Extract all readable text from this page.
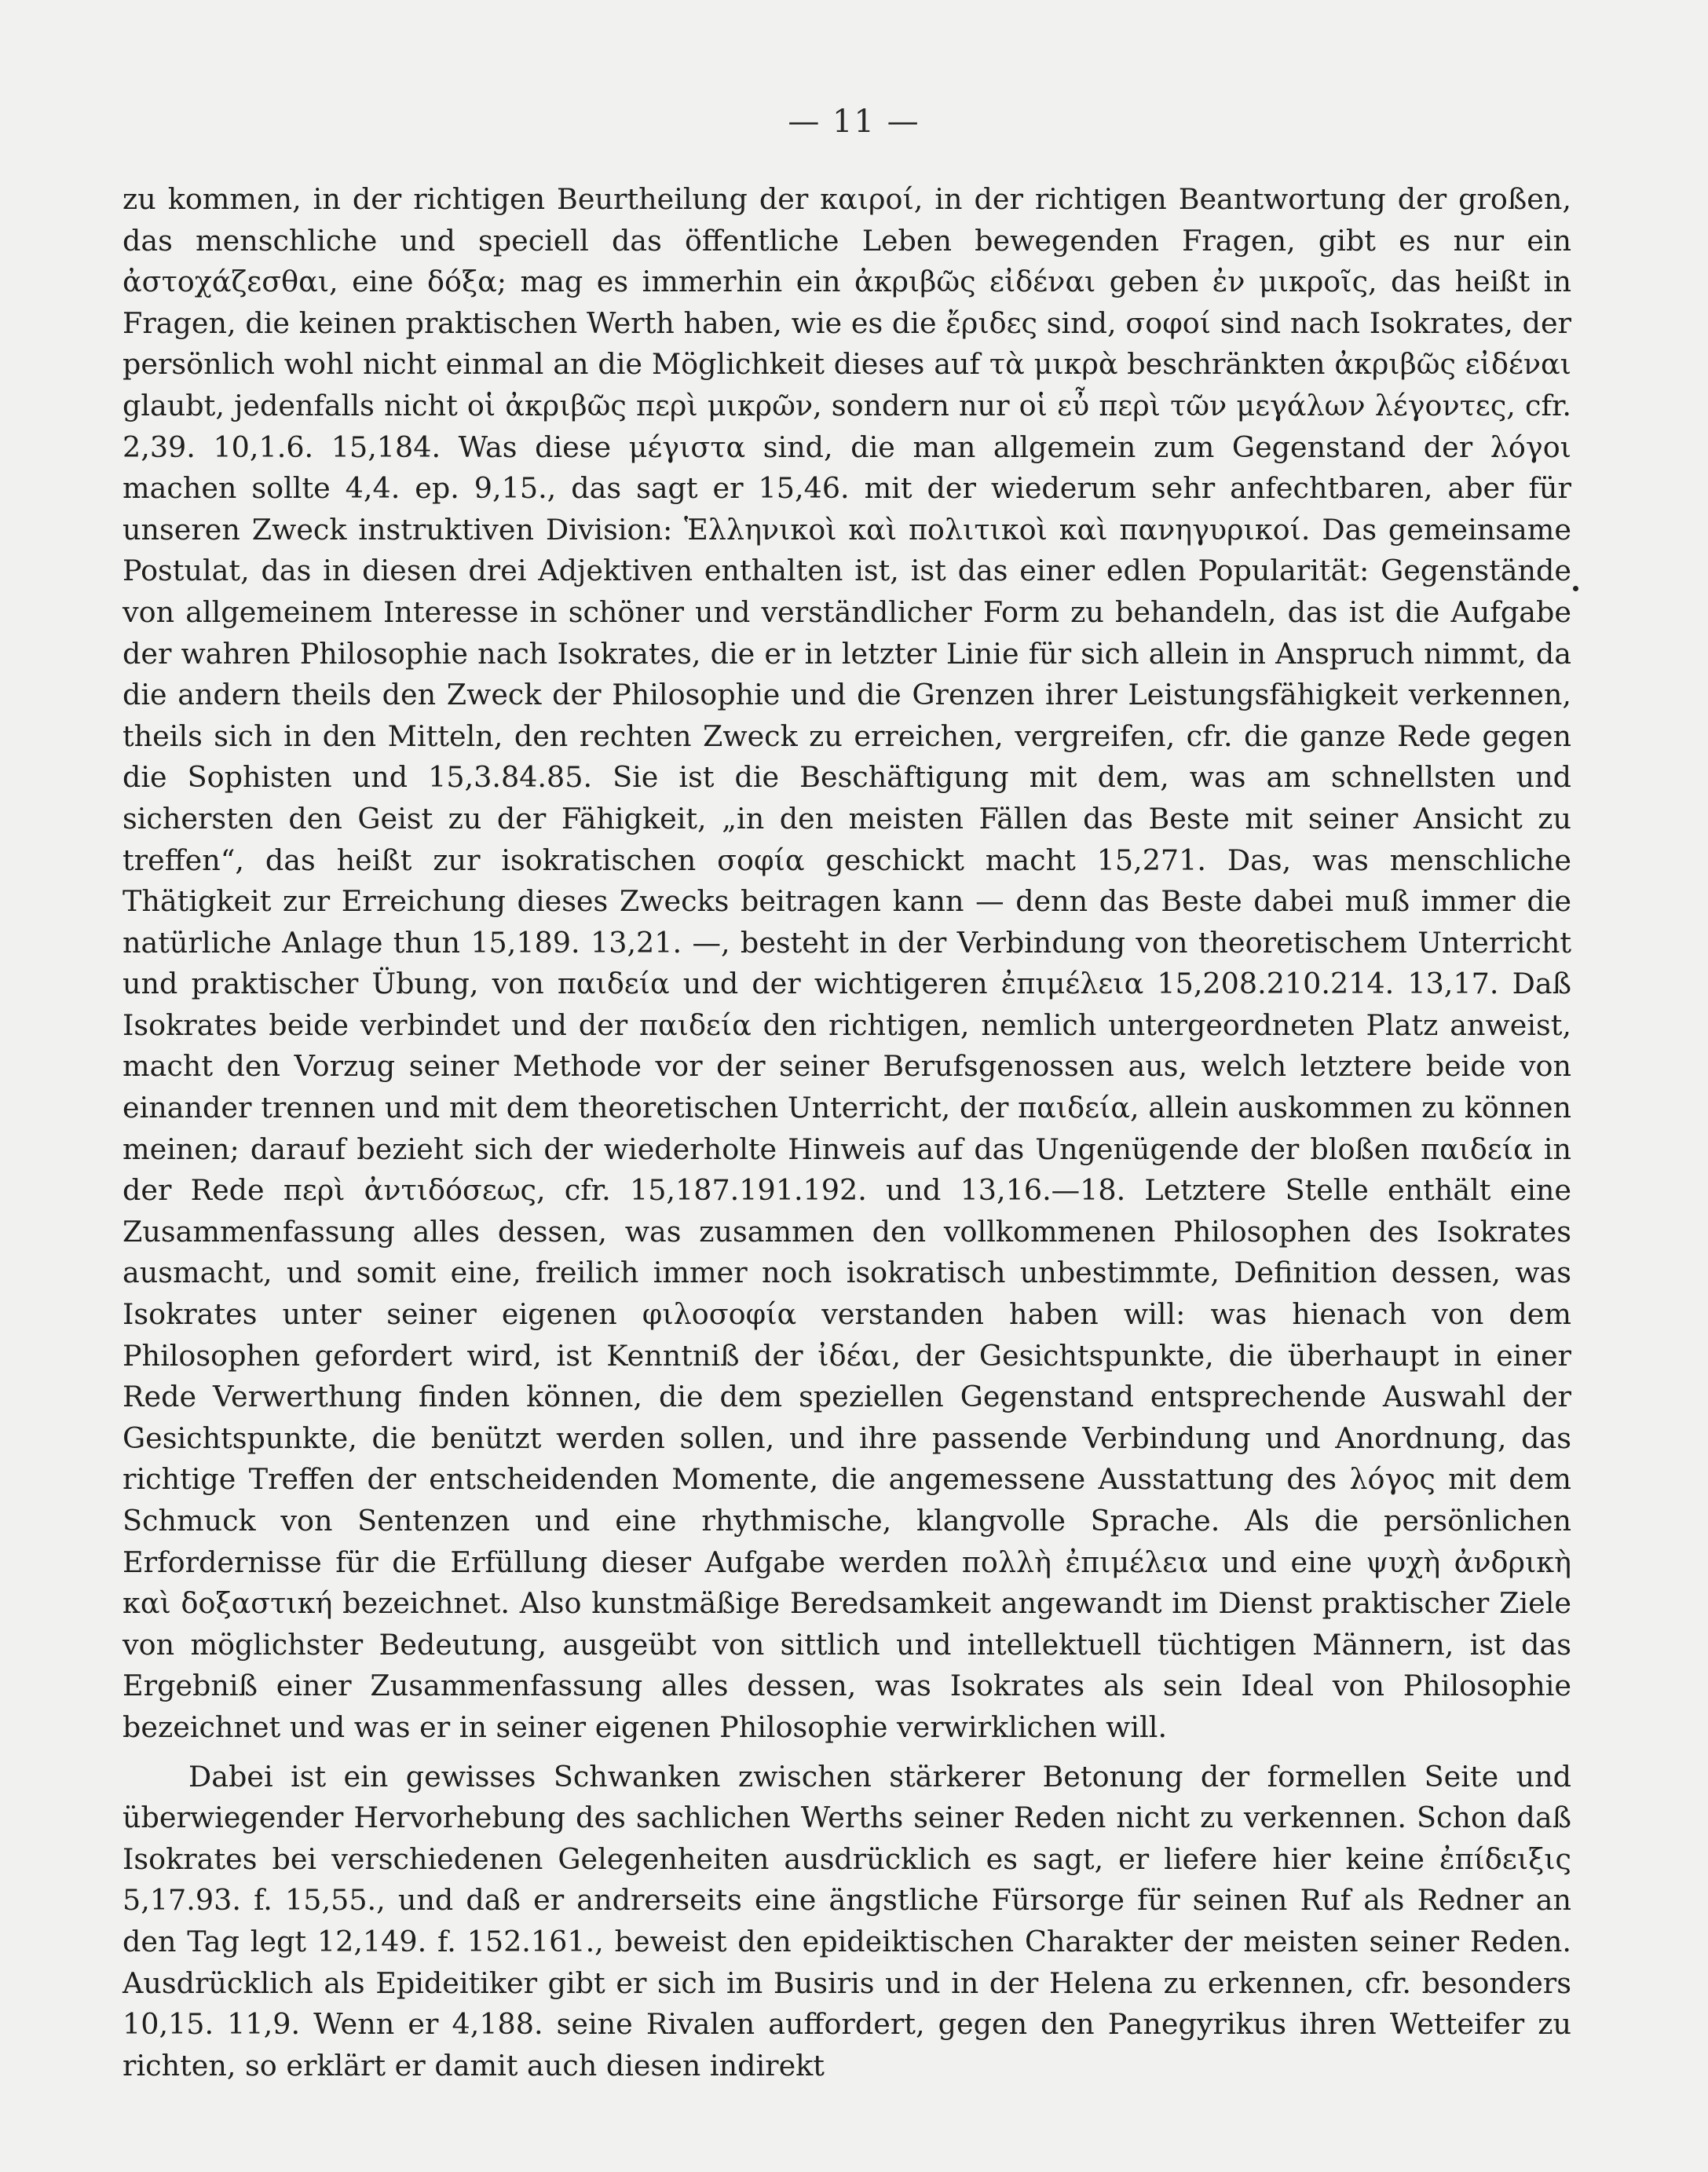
— 11 —

zu kommen, in der richtigen Beurtheilung der καιροί, in der richtigen Beantwortung der großen, das menschliche und speciell das öffentliche Leben bewegenden Fragen, gibt es nur ein ἀστοχάζεσθαι, eine δόξα; mag es immerhin ein ἀκριβῶς εἰδέναι geben ἐν μικροῖς, das heißt in Fragen, die keinen praktischen Werth haben, wie es die ἔριδες sind, σοφοί sind nach Isokrates, der persönlich wohl nicht einmal an die Möglichkeit dieses auf τὰ μικρὰ beschränkten ἀκριβῶς εἰδέναι glaubt, jedenfalls nicht οἱ ἀκριβῶς περὶ μικρῶν, sondern nur οἱ εὖ περὶ τῶν μεγάλων λέγοντες, cfr. 2,39. 10,1.6. 15,184. Was diese μέγιστα sind, die man allgemein zum Gegenstand der λόγοι machen sollte 4,4. ep. 9,15., das sagt er 15,46. mit der wiederum sehr anfechtbaren, aber für unseren Zweck instruktiven Division: Ἑλληνικοὶ καὶ πολιτικοὶ καὶ πανηγυρικοί. Das gemeinsame Postulat, das in diesen drei Adjektiven enthalten ist, ist das einer edlen Popularität: Gegenstände von allgemeinem Interesse in schöner und verständlicher Form zu behandeln, das ist die Aufgabe der wahren Philosophie nach Isokrates, die er in letzter Linie für sich allein in Anspruch nimmt, da die andern theils den Zweck der Philosophie und die Grenzen ihrer Leistungsfähigkeit verkennen, theils sich in den Mitteln, den rechten Zweck zu erreichen, vergreifen, cfr. die ganze Rede gegen die Sophisten und 15,3.84.85. Sie ist die Beschäftigung mit dem, was am schnellsten und sichersten den Geist zu der Fähigkeit, „in den meisten Fällen das Beste mit seiner Ansicht zu treffen“, das heißt zur isokratischen σοφία geschickt macht 15,271. Das, was menschliche Thätigkeit zur Erreichung dieses Zwecks beitragen kann — denn das Beste dabei muß immer die natürliche Anlage thun 15,189. 13,21. —, besteht in der Verbindung von theoretischem Unterricht und praktischer Übung, von παιδεία und der wichtigeren ἐπιμέλεια 15,208.210.214. 13,17. Daß Isokrates beide verbindet und der παιδεία den richtigen, nemlich untergeordneten Platz anweist, macht den Vorzug seiner Methode vor der seiner Berufsgenossen aus, welch letztere beide von einander trennen und mit dem theoretischen Unterricht, der παιδεία, allein auskommen zu können meinen; darauf bezieht sich der wiederholte Hinweis auf das Ungenügende der bloßen παιδεία in der Rede περὶ ἀντιδόσεως, cfr. 15,187.191.192. und 13,16.—18. Letztere Stelle enthält eine Zusammenfassung alles dessen, was zusammen den vollkommenen Philosophen des Isokrates ausmacht, und somit eine, freilich immer noch isokratisch unbestimmte, Definition dessen, was Isokrates unter seiner eigenen φιλοσοφία verstanden haben will: was hienach von dem Philosophen gefordert wird, ist Kenntniß der ἰδέαι, der Gesichtspunkte, die überhaupt in einer Rede Verwerthung finden können, die dem speziellen Gegenstand entsprechende Auswahl der Gesichtspunkte, die benützt werden sollen, und ihre passende Verbindung und Anordnung, das richtige Treffen der entscheidenden Momente, die angemessene Ausstattung des λόγος mit dem Schmuck von Sentenzen und eine rhythmische, klangvolle Sprache. Als die persönlichen Erfordernisse für die Erfüllung dieser Aufgabe werden πολλὴ ἐπιμέλεια und eine ψυχὴ ἀνδρικὴ καὶ δοξαστική bezeichnet. Also kunstmäßige Beredsamkeit angewandt im Dienst praktischer Ziele von möglichster Bedeutung, ausgeübt von sittlich und intellektuell tüchtigen Männern, ist das Ergebniß einer Zusammenfassung alles dessen, was Isokrates als sein Ideal von Philosophie bezeichnet und was er in seiner eigenen Philosophie verwirklichen will.

Dabei ist ein gewisses Schwanken zwischen stärkerer Betonung der formellen Seite und überwiegender Hervorhebung des sachlichen Werths seiner Reden nicht zu verkennen. Schon daß Isokrates bei verschiedenen Gelegenheiten ausdrücklich es sagt, er liefere hier keine ἐπίδειξις 5,17.93. f. 15,55., und daß er andrerseits eine ängstliche Fürsorge für seinen Ruf als Redner an den Tag legt 12,149. f. 152.161., beweist den epideiktischen Charakter der meisten seiner Reden. Ausdrücklich als Epideitiker gibt er sich im Busiris und in der Helena zu erkennen, cfr. besonders 10,15. 11,9. Wenn er 4,188. seine Rivalen auffordert, gegen den Panegyrikus ihren Wetteifer zu richten, so erklärt er damit auch diesen indirekt
